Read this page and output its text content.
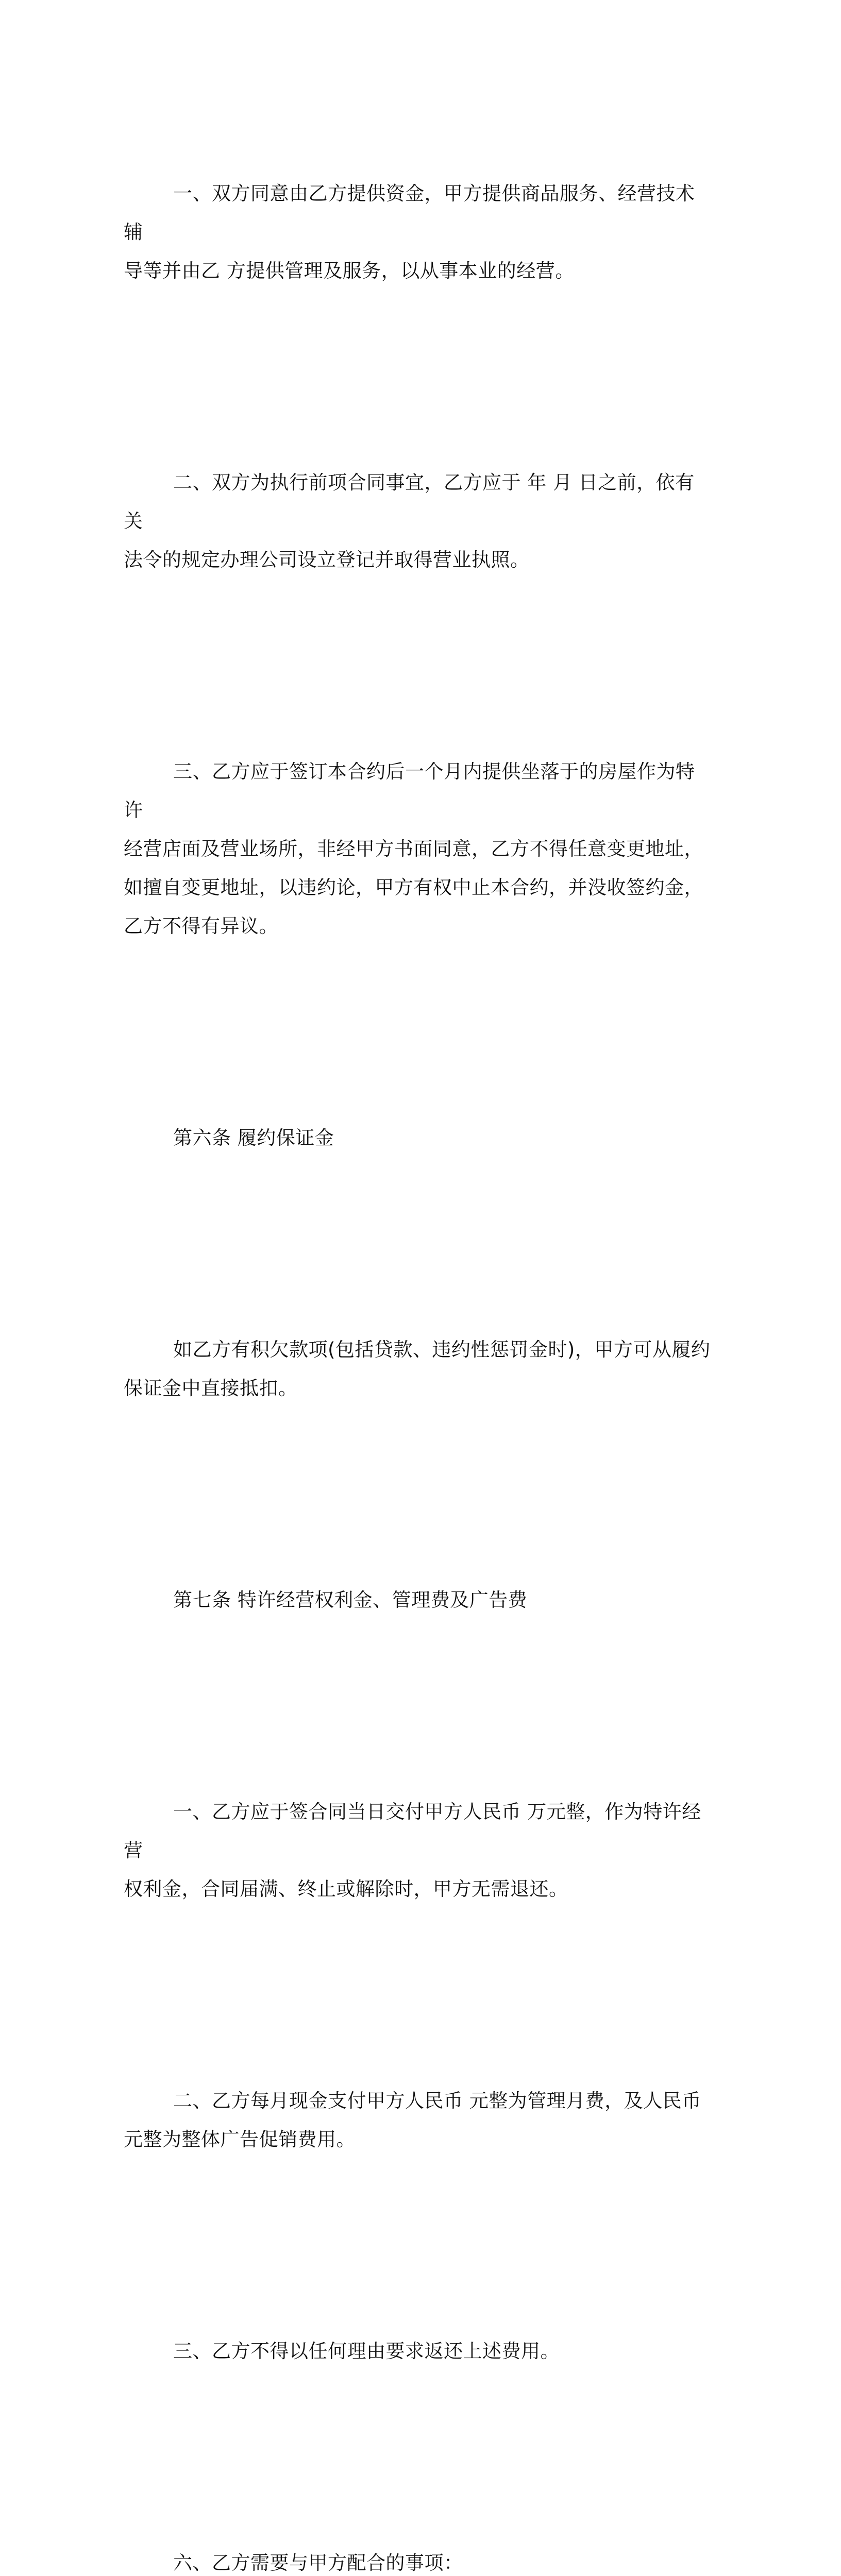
一、双方同意由乙方提供资金，甲方提供商品服务、经营技术辅
导等并由乙 方提供管理及服务，以从事本业的经营。

二、双方为执行前项合同事宜，乙方应于 年 月 日之前，依有关
法令的规定办理公司设立登记并取得营业执照。

三、乙方应于签订本合约后一个月内提供坐落于的房屋作为特许
经营店面及营业场所，非经甲方书面同意，乙方不得任意变更地址，
如擅自变更地址，以违约论，甲方有权中止本合约，并没收签约金，
乙方不得有异议。

第六条 履约保证金

如乙方有积欠款项(包括贷款、违约性惩罚金时)，甲方可从履约
保证金中直接抵扣。

第七条 特许经营权利金、管理费及广告费

一、乙方应于签合同当日交付甲方人民币 万元整，作为特许经营
权利金，合同届满、终止或解除时，甲方无需退还。

二、乙方每月现金支付甲方人民币 元整为管理月费，及人民币
元整为整体广告促销费用。

三、乙方不得以任何理由要求返还上述费用。

六、乙方需要与甲方配合的事项：
